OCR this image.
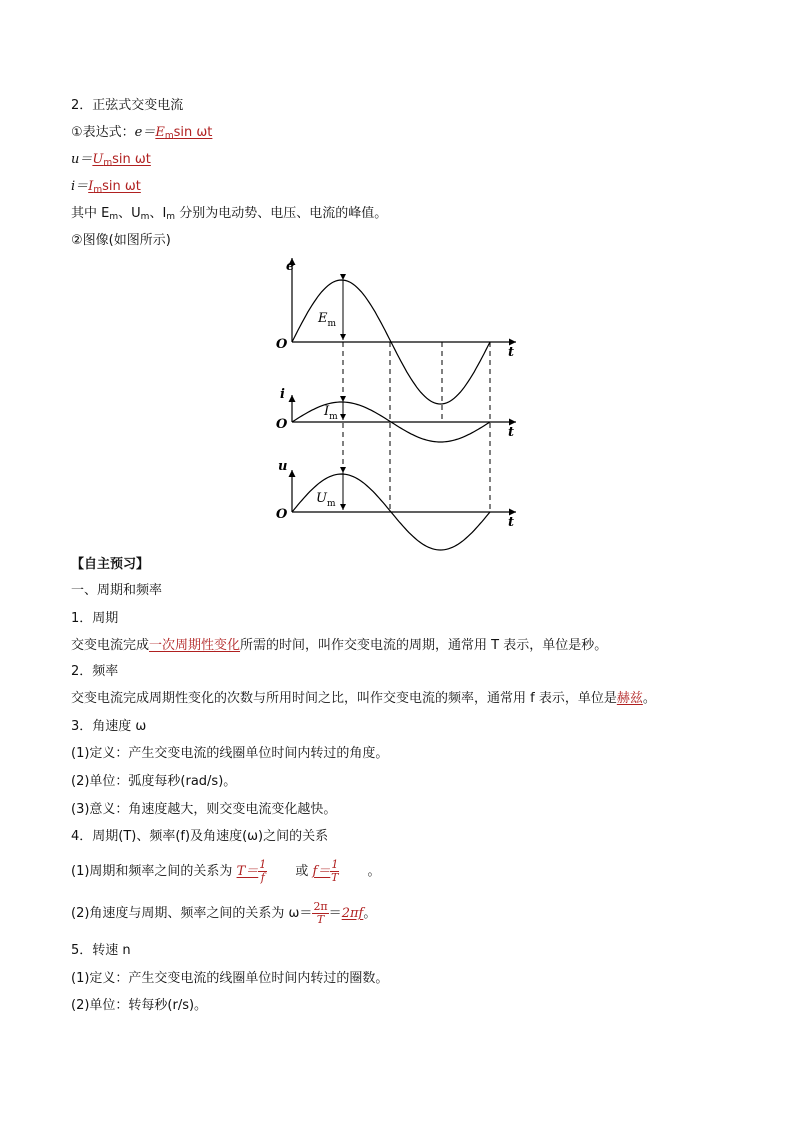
2．正弦式交变电流
①表达式：$e=E_m\sin$ ωt
$u=U_m\sin$ ωt
$i=I_m\sin$ ωt
其中 $E_m$、$U_m$、$I_m$ 分别为电动势、电压、电流的峰值。
②图像(如图所示)
e
O
t
$E_m$
i
O
t
$I_m$
u
O
t
$U_m$
【自主预习】
一、周期和频率
1．周期
交变电流完成一次周期性变化所需的时间，叫作交变电流的周期，通常用 T 表示，单位是秒。
2．频率
交变电流完成周期性变化的次数与所用时间之比，叫作交变电流的频率，通常用 f 表示，单位是赫兹。
3．角速度 ω
(1)定义：产生交变电流的线圈单位时间内转过的角度。
(2)单位：弧度每秒(rad/s)。
(3)意义：角速度越大，则交变电流变化越快。
4．周期(T)、频率(f)及角速度(ω)之间的关系
(1)周期和频率之间的关系为 $T= \frac{1}{f}$ 或 $f= \frac{1}{T}$ 。
(2)角速度与周期、频率之间的关系为 $\omega= \frac{2\pi}{T} =2\pi f$。
5．转速 n
(1)定义：产生交变电流的线圈单位时间内转过的圈数。
(2)单位：转每秒(r/s)。
